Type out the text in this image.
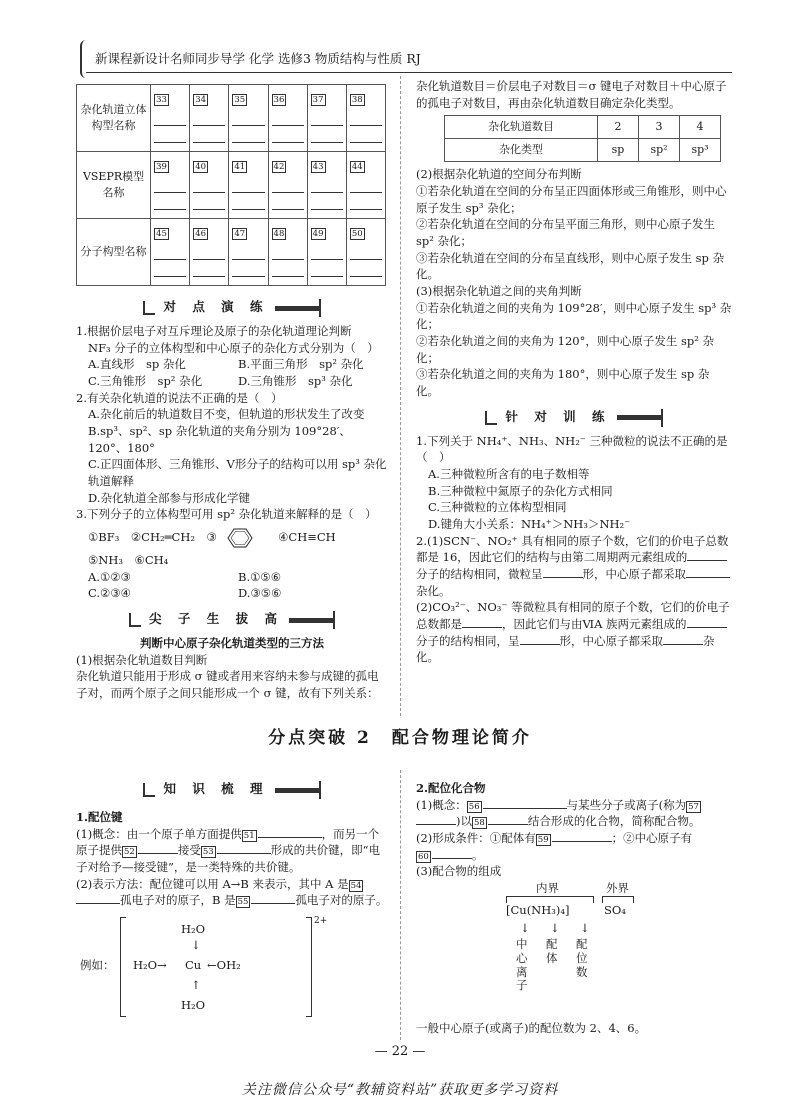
新课程新设计名师同步导学 化学 选修3 物质结构与性质 RJ
杂化轨道立体构型名称	33	34	35	36	37	38

VSEPR模型名称	39	40	41	42	43	44

分子构型名称	45	46	47	48	49	50
对 点 演 练

1.根据价层电子对互斥理论及原子的杂化轨道理论判断

NF₃ 分子的立体构型和中心原子的杂化方式分别为（　）

A.直线形　sp 杂化	B.平面三角形　sp² 杂化
C.三角锥形　sp² 杂化	D.三角锥形　sp³ 杂化

2.有关杂化轨道的说法不正确的是（　）

A.杂化前后的轨道数目不变，但轨道的形状发生了改变

B.sp³、sp²、sp 杂化轨道的夹角分别为 109°28′、120°、180°

C.正四面体形、三角锥形、V形分子的结构可以用 sp³ 杂化轨道解释

D.杂化轨道全部参与形成化学键

3.下列分子的立体构型可用 sp² 杂化轨道来解释的是（　）

①BF₃　②CH₂═CH₂　③	④CH≡CH

⑤NH₃　⑥CH₄

A.①②③	B.①⑤⑥
C.②③④	D.③⑤⑥
尖 子 生 拔 高

判断中心原子杂化轨道类型的三方法

(1)根据杂化轨道数目判断

杂化轨道只能用于形成 σ 键或者用来容纳未参与成键的孤电子对，而两个原子之间只能形成一个 σ 键，故有下列关系：

杂化轨道数目＝价层电子对数目＝σ 键电子对数目＋中心原子的孤电子对数目，再由杂化轨道数目确定杂化类型。

杂化轨道数目	2	3	4
杂化类型	sp	sp²	sp³

(2)根据杂化轨道的空间分布判断

①若杂化轨道在空间的分布呈正四面体形或三角锥形，则中心原子发生 sp³ 杂化；

②若杂化轨道在空间的分布呈平面三角形，则中心原子发生 sp² 杂化；

③若杂化轨道在空间的分布呈直线形，则中心原子发生 sp 杂化。

(3)根据杂化轨道之间的夹角判断

①若杂化轨道之间的夹角为 109°28′，则中心原子发生 sp³ 杂化；

②若杂化轨道之间的夹角为 120°，则中心原子发生 sp² 杂化；

③若杂化轨道之间的夹角为 180°，则中心原子发生 sp 杂化。

针 对 训 练

1.下列关于 NH₄⁺、NH₃、NH₂⁻ 三种微粒的说法不正确的是（　）

A.三种微粒所含有的电子数相等

B.三种微粒中氮原子的杂化方式相同

C.三种微粒的立体构型相同

D.键角大小关系：NH₄⁺＞NH₃＞NH₂⁻

2.(1)SCN⁻、NO₂⁺ 具有相同的原子个数，它们的价电子总数都是 16，因此它们的结构与由第二周期两元素组成的分子的结构相同，微粒呈	形，中心原子都采取杂化。

(2)CO₃²⁻、NO₃⁻ 等微粒具有相同的原子个数，它们的价电子总数都是	，因此它们与由ⅥA 族两元素组成的分子的结构相同，呈	形，中心原子都采取	杂化。

分点突破 2　配合物理论简介
知 识 梳 理

1.配位键

(1)概念：由一个原子单方面提供 51	，而另一个原子提供 52	接受 53	形成的共价键，即“电子对给予—接受键”，是一类特殊的共价键。

(2)表示方法：配位键可以用 A→B 来表示，其中 A 是 54孤电子对的原子，B 是 55	孤电子对的原子。

例如：
H₂O
↓
H₂O→ Cu ←OH₂
↑
H₂O
2+

2.配位化合物

(1)概念： 56	与某些分子或离子(称为 57)以 58	结合形成的化合物，简称配合物。

(2)形成条件：①配体有 59	；②中心原子有
60	。

(3)配合物的组成

内界	外界
[Cu(NH₃)₄]	SO₄
↓ ↓ ↓
中心离子
配体
配位数

一般中心原子(或离子)的配位数为 2、4、6。

— 22 —
关注微信公众号“教辅资料站”获取更多学习资料
